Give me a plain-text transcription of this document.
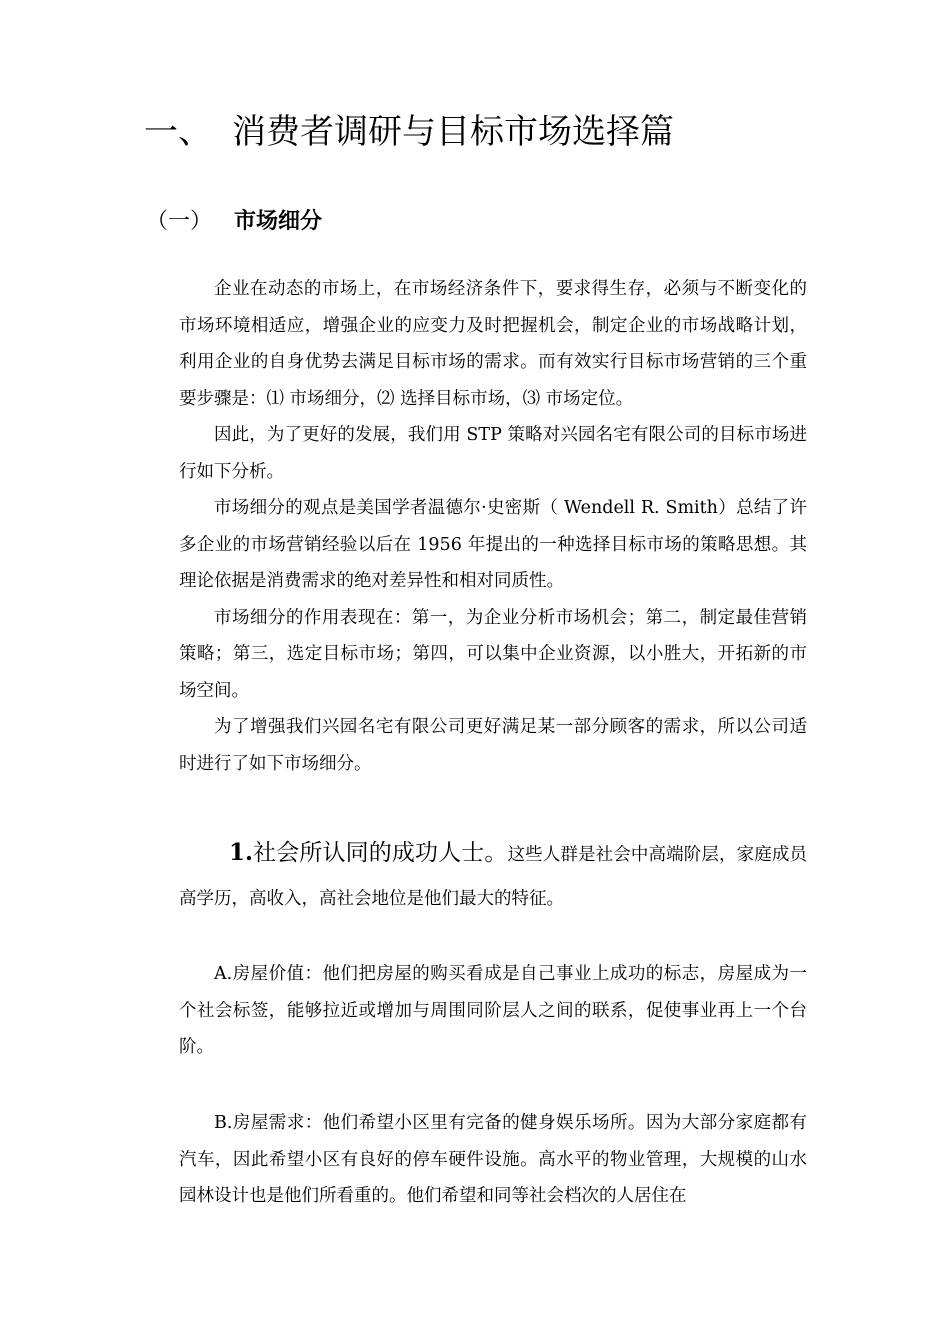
一、 消费者调研与目标市场选择篇
（一） 市场细分

企业在动态的市场上，在市场经济条件下，要求得生存，必须与不断变化的市场环境相适应，增强企业的应变力及时把握机会，制定企业的市场战略计划，利用企业的自身优势去满足目标市场的需求。而有效实行目标市场营销的三个重要步骤是：⑴ 市场细分，⑵ 选择目标市场，⑶ 市场定位。

因此，为了更好的发展，我们用 STP 策略对兴园名宅有限公司的目标市场进行如下分析。

市场细分的观点是美国学者温德尔·史密斯（ Wendell R. Smith）总结了许多企业的市场营销经验以后在 1956 年提出的一种选择目标市场的策略思想。其理论依据是消费需求的绝对差异性和相对同质性。

市场细分的作用表现在：第一，为企业分析市场机会；第二，制定最佳营销策略；第三，选定目标市场；第四，可以集中企业资源，以小胜大，开拓新的市场空间。

为了增强我们兴园名宅有限公司更好满足某一部分顾客的需求，所以公司适时进行了如下市场细分。

1.社会所认同的成功人士。这些人群是社会中高端阶层，家庭成员高学历，高收入，高社会地位是他们最大的特征。

A.房屋价值：他们把房屋的购买看成是自己事业上成功的标志，房屋成为一个社会标签，能够拉近或增加与周围同阶层人之间的联系，促使事业再上一个台阶。

B.房屋需求：他们希望小区里有完备的健身娱乐场所。因为大部分家庭都有汽车，因此希望小区有良好的停车硬件设施。高水平的物业管理，大规模的山水园林设计也是他们所看重的。他们希望和同等社会档次的人居住在
